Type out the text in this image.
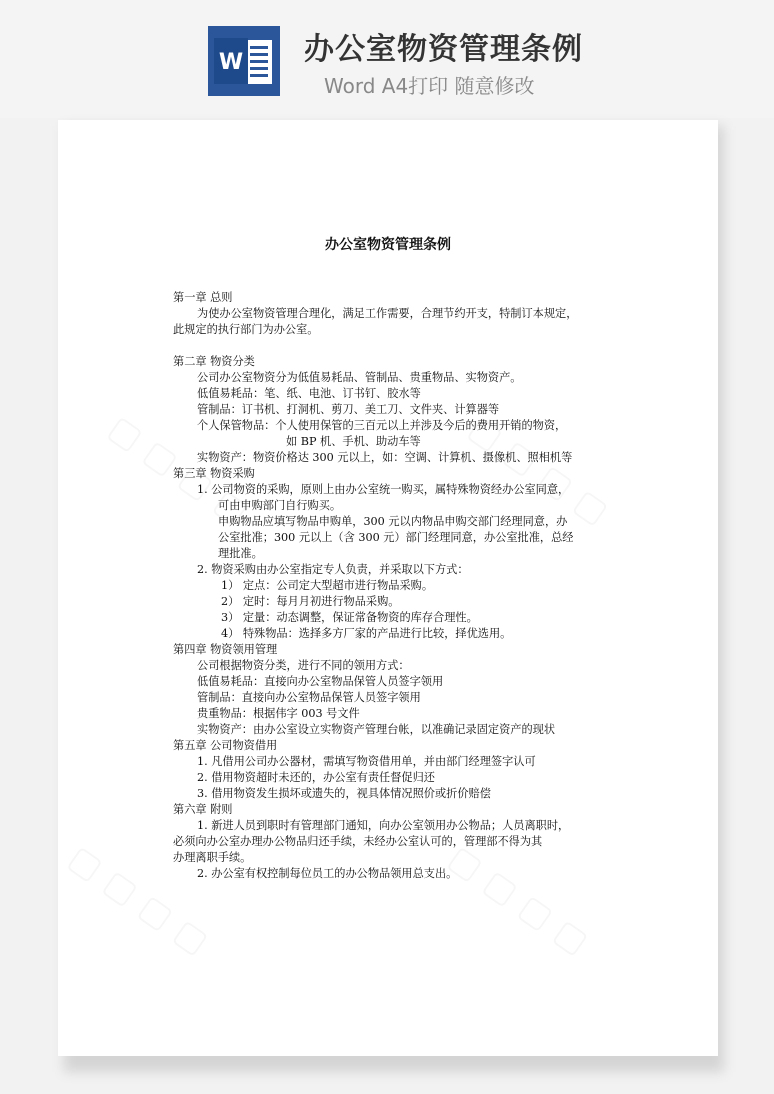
W 办公室物资管理条例
Word A4打印 随意修改
办公室物资管理条例
第一章 总则
为使办公室物资管理合理化，满足工作需要，合理节约开支，特制订本规定，
此规定的执行部门为办公室。
第二章 物资分类
公司办公室物资分为低值易耗品、管制品、贵重物品、实物资产。
低值易耗品：笔、纸、电池、订书钉、胶水等
管制品：订书机、打洞机、剪刀、美工刀、文件夹、计算器等
个人保管物品：个人使用保管的三百元以上并涉及今后的费用开销的物资，
如 BP 机、手机、助动车等
实物资产：物资价格达 300 元以上，如：空调、计算机、摄像机、照相机等
第三章 物资采购
1. 公司物资的采购，原则上由办公室统一购买，属特殊物资经办公室同意，
可由申购部门自行购买。
申购物品应填写物品申购单，300 元以内物品申购交部门经理同意，办
公室批准；300 元以上（含 300 元）部门经理同意，办公室批准，总经
理批准。
2. 物资采购由办公室指定专人负责，并采取以下方式：
1） 定点：公司定大型超市进行物品采购。
2） 定时：每月月初进行物品采购。
3） 定量：动态调整，保证常备物资的库存合理性。
4） 特殊物品：选择多方厂家的产品进行比较，择优选用。
第四章 物资领用管理
公司根据物资分类，进行不同的领用方式：
低值易耗品：直接向办公室物品保管人员签字领用
管制品：直接向办公室物品保管人员签字领用
贵重物品：根据伟字 003 号文件
实物资产：由办公室设立实物资产管理台帐，以准确记录固定资产的现状
第五章 公司物资借用
1. 凡借用公司办公器材，需填写物资借用单，并由部门经理签字认可
2. 借用物资超时未还的，办公室有责任督促归还
3. 借用物资发生损坏或遗失的，视具体情况照价或折价赔偿
第六章 附则
1. 新进人员到职时有管理部门通知，向办公室领用办公物品；人员离职时，
必须向办公室办理办公物品归还手续，未经办公室认可的，管理部不得为其
办理离职手续。
2. 办公室有权控制每位员工的办公物品领用总支出。
